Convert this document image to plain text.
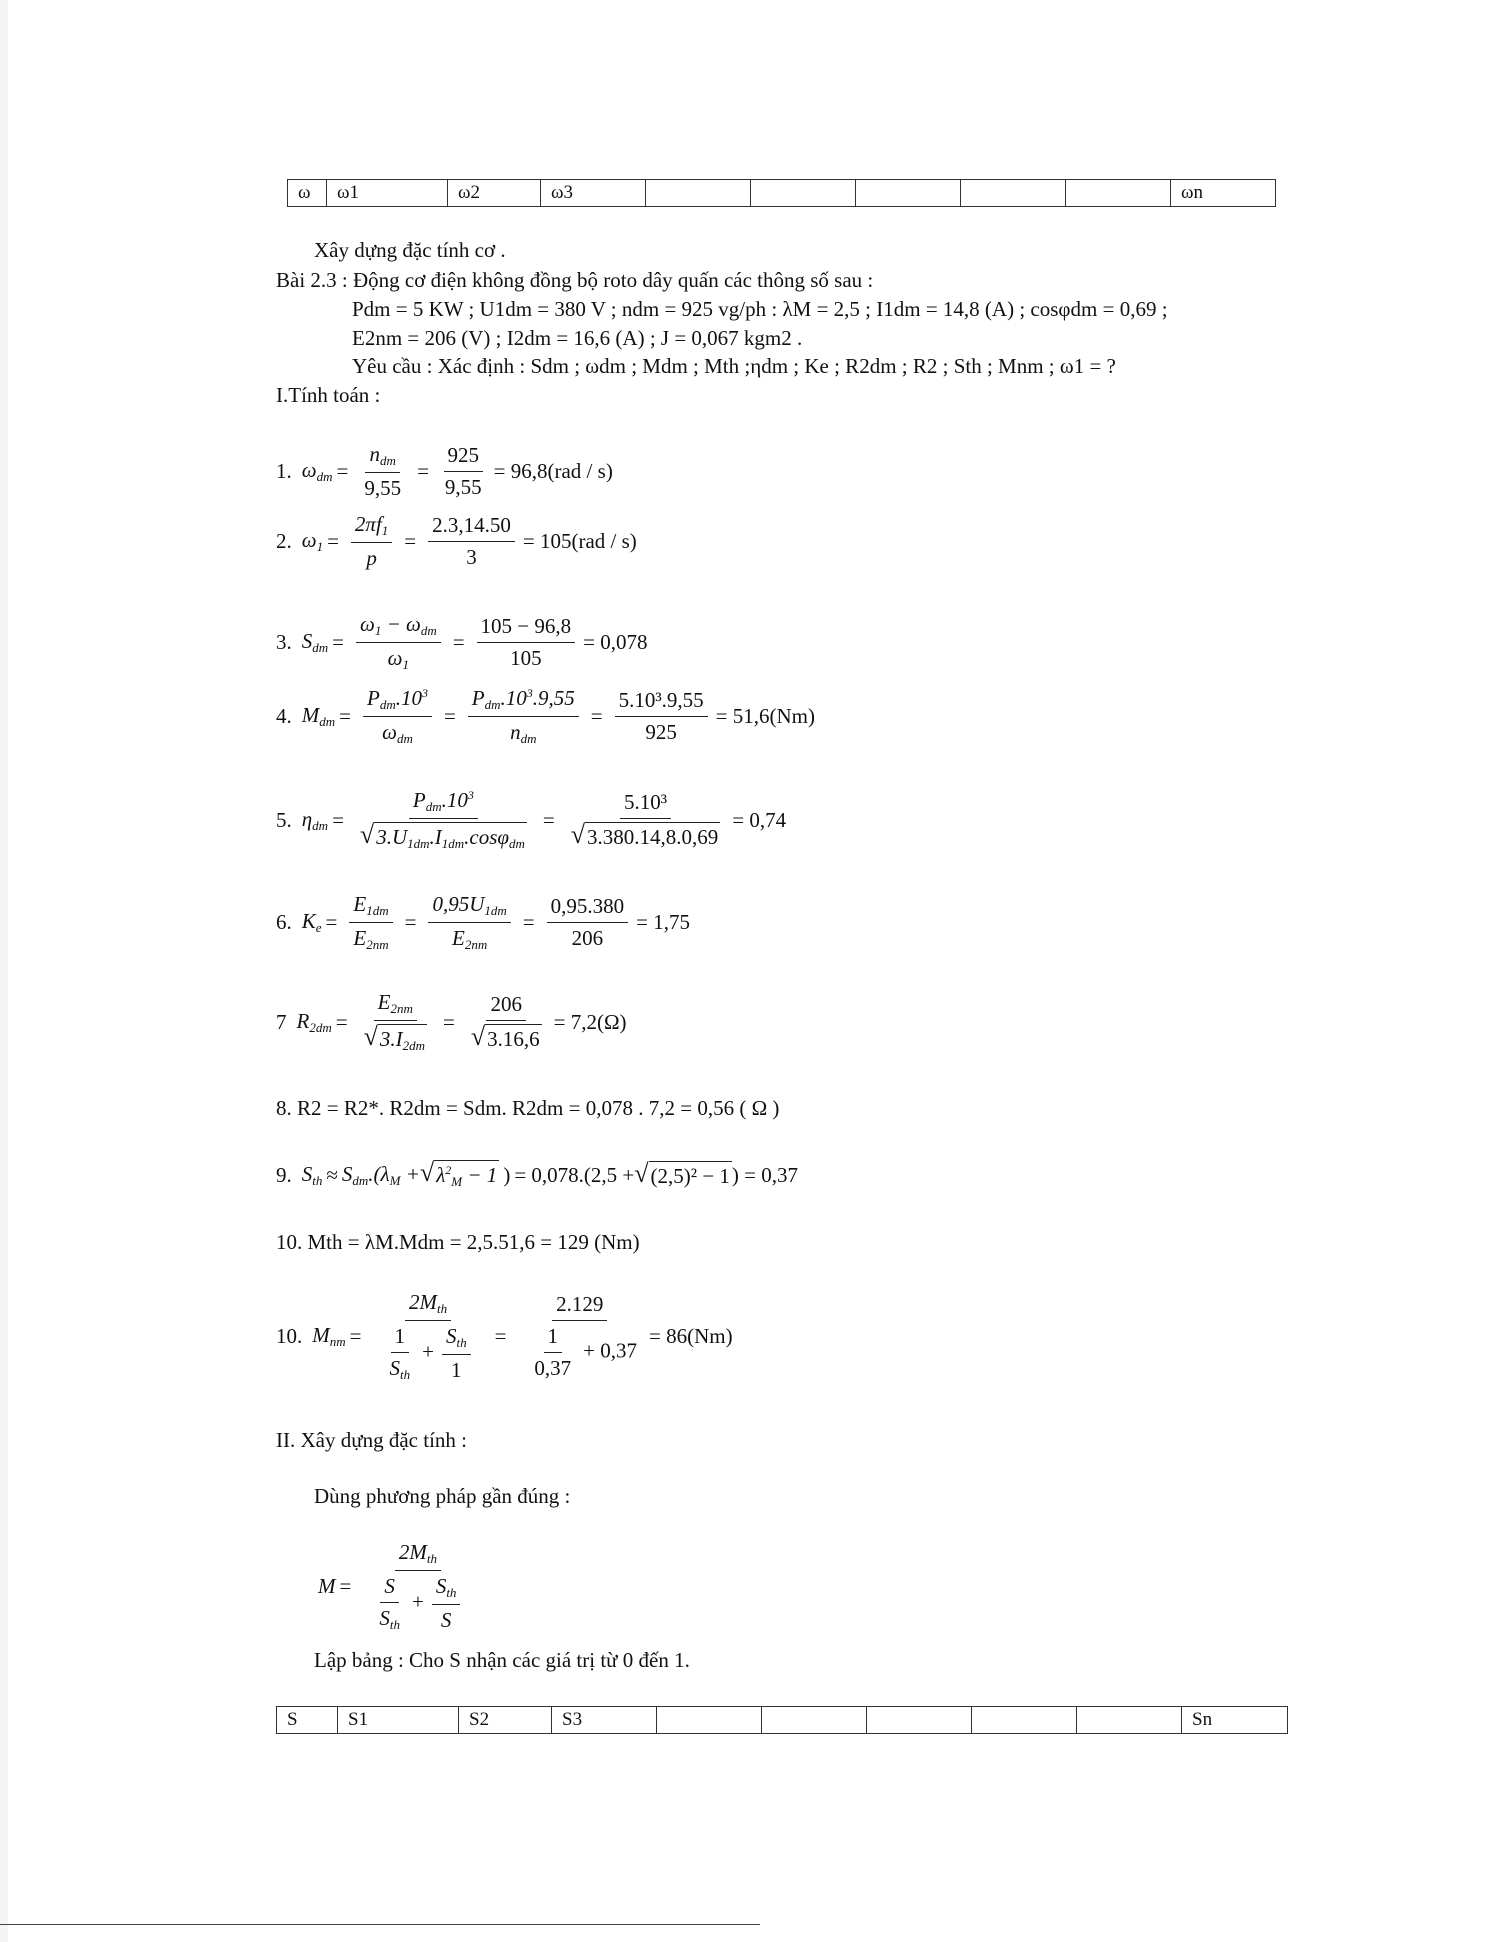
ω	ω1	ω2	ω3						ωn
Xây dựng đặc tính cơ .
Bài 2.3 : Động cơ điện không đồng bộ roto dây quấn các thông số sau :
Pdm = 5 KW ; U1dm = 380 V ; ndm = 925 vg/ph : λM = 2,5 ; I1dm = 14,8 (A) ; cosφdm = 0,69 ;
E2nm = 206 (V) ; I2dm = 16,6 (A) ; J = 0,067 kgm2 .
Yêu cầu : Xác định : Sdm ; ωdm ; Mdm ; Mth ;ηdm ; Ke ; R2dm ; R2 ; Sth ; Mnm ; ω1 = ?
I.Tính toán :
1. $\omega_{dm} = \frac{n_{dm}}{9,55} = \frac{925}{9,55} = 96,8(rad / s)$
2. $\omega_1 = \frac{2\pi f_1}{p} = \frac{2.3,14.50}{3} = 105(rad / s)$
3. $S_{dm} = \frac{\omega_1 - \omega_{dm}}{\omega_1} = \frac{105 - 96,8}{105} = 0,078$
4. $M_{dm} = \frac{P_{dm}.10^3}{\omega_{dm}} = \frac{P_{dm}.10^3.9,55}{n_{dm}} = \frac{\text{5.10³.9,55}}{925} = 51,6(Nm)$
5. $\eta_{dm} = \frac{P_{dm}.10^3}{√ 3.U_{1dm}.I_{1dm}.\cos\varphi_{dm}} = \frac{\text{5.10³}}{√ 3.380.14,8.0,69} = 0,74$
6. $K_e = \frac{E_{1dm}}{E_{2nm}} = \frac{0,95U_{1dm}}{E_{2nm}} = \frac{0,95.380}{206} = 1,75$
7 $R_{2dm} = \frac{E_{2nm}}{√ 3.I_{2dm}} = \frac{206}{√ 3.16,6} = 7,2(\Omega)$
8. R2 = R2*. R2dm = Sdm. R2dm = 0,078 . 7,2 = 0,56 ( Ω )
9. $S_{th} \approx S_{dm}.(\lambda_M$ + √ $\lambda^2_M - 1$ ) = 0,078.(2,5 + √ (2,5)² − 1 ) = 0,37
10. Mth = λM.Mdm = 2,5.51,6 = 129 (Nm)
10. $M_{nm} = \frac{2M_{th}}{\frac{1}{S_{th}} + \frac{S_{th}}{1}} = \frac{2.129}{\frac{1}{0,37} + 0,37} = 86(Nm)$
II. Xây dựng đặc tính :
Dùng phương pháp gần đúng :
$M = \frac{2M_{th}}{\frac{S}{S_{th}} + \frac{S_{th}}{S}}$
Lập bảng : Cho S nhận các giá trị từ 0 đến 1.
S	S1	S2	S3						Sn
